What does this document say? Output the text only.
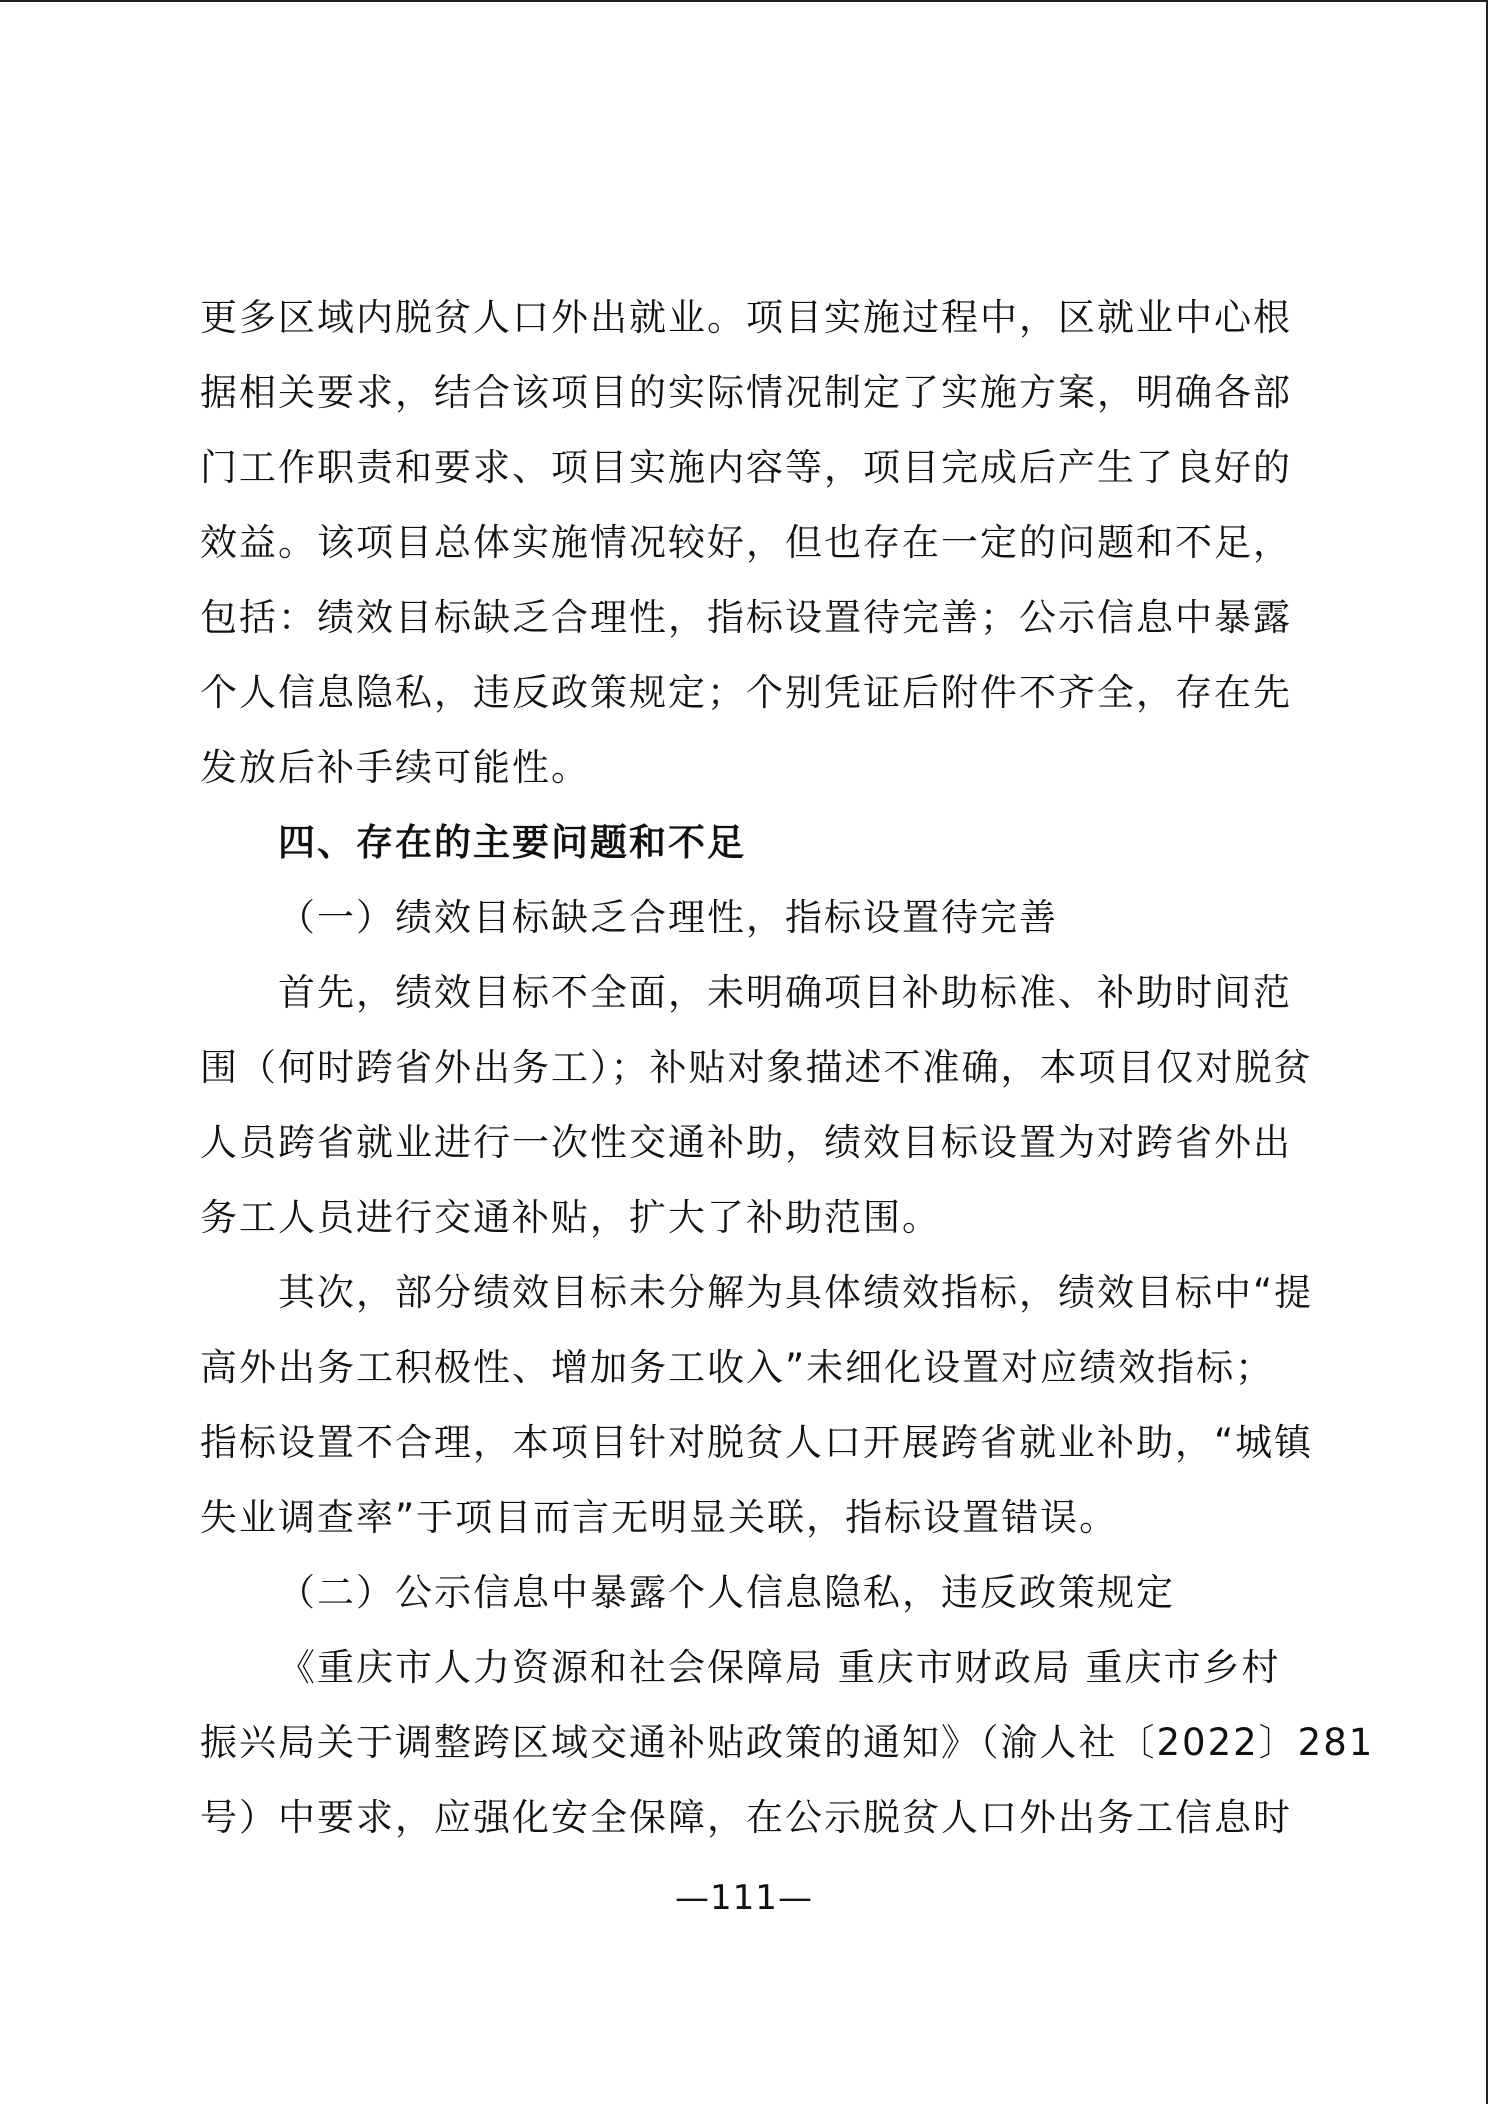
更多区域内脱贫人口外出就业。项目实施过程中，区就业中心根
据相关要求，结合该项目的实际情况制定了实施方案，明确各部
门工作职责和要求、项目实施内容等，项目完成后产生了良好的
效益。该项目总体实施情况较好，但也存在一定的问题和不足，
包括：绩效目标缺乏合理性，指标设置待完善；公示信息中暴露
个人信息隐私，违反政策规定；个别凭证后附件不齐全，存在先
发放后补手续可能性。
四、存在的主要问题和不足
（一）绩效目标缺乏合理性，指标设置待完善
首先，绩效目标不全面，未明确项目补助标准、补助时间范
围（何时跨省外出务工）；补贴对象描述不准确，本项目仅对脱贫
人员跨省就业进行一次性交通补助，绩效目标设置为对跨省外出
务工人员进行交通补贴，扩大了补助范围。
其次，部分绩效目标未分解为具体绩效指标，绩效目标中“提
高外出务工积极性、增加务工收入”未细化设置对应绩效指标；
指标设置不合理，本项目针对脱贫人口开展跨省就业补助，“城镇
失业调查率”于项目而言无明显关联，指标设置错误。
（二）公示信息中暴露个人信息隐私，违反政策规定
《重庆市人力资源和社会保障局 重庆市财政局 重庆市乡村
振兴局关于调整跨区域交通补贴政策的通知》（渝人社〔2022〕281
号）中要求，应强化安全保障，在公示脱贫人口外出务工信息时
—111—
